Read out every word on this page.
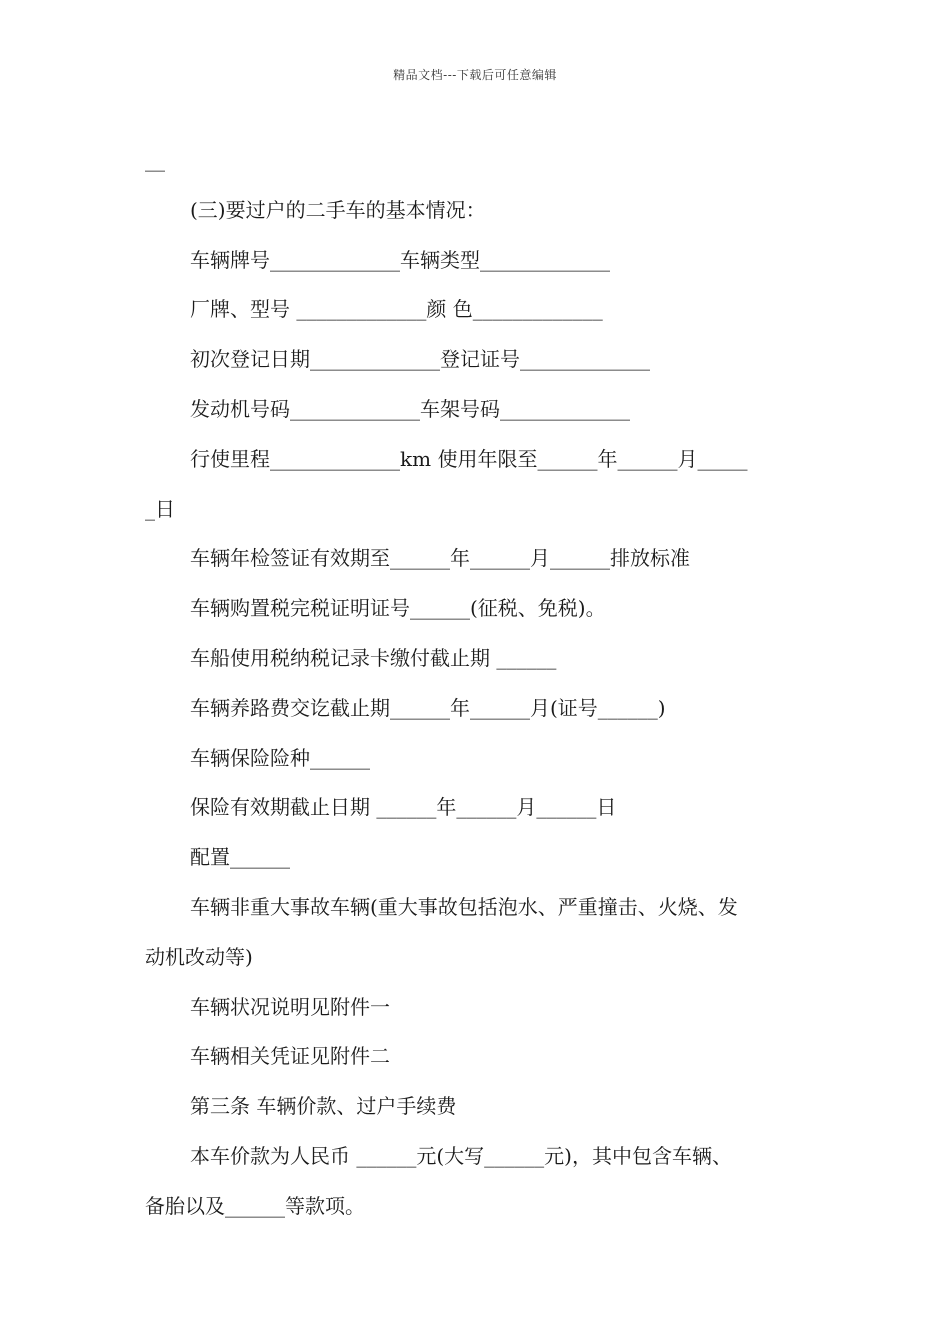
精品文档---下载后可任意编辑
__
(三)要过户的二手车的基本情况：
车辆牌号_____________车辆类型_____________
厂牌、型号 _____________颜 色_____________
初次登记日期_____________登记证号_____________
发动机号码_____________车架号码_____________
行使里程_____________km 使用年限至______年______月_____
_日
车辆年检签证有效期至______年______月______排放标准
车辆购置税完税证明证号______(征税、免税)。
车船使用税纳税记录卡缴付截止期 ______
车辆养路费交讫截止期______年______月(证号______)
车辆保险险种______
保险有效期截止日期 ______年______月______日
配置______
车辆非重大事故车辆(重大事故包括泡水、严重撞击、火烧、发
动机改动等)
车辆状况说明见附件一
车辆相关凭证见附件二
第三条 车辆价款、过户手续费
本车价款为人民币 ______元(大写______元)，其中包含车辆、
备胎以及______等款项。
